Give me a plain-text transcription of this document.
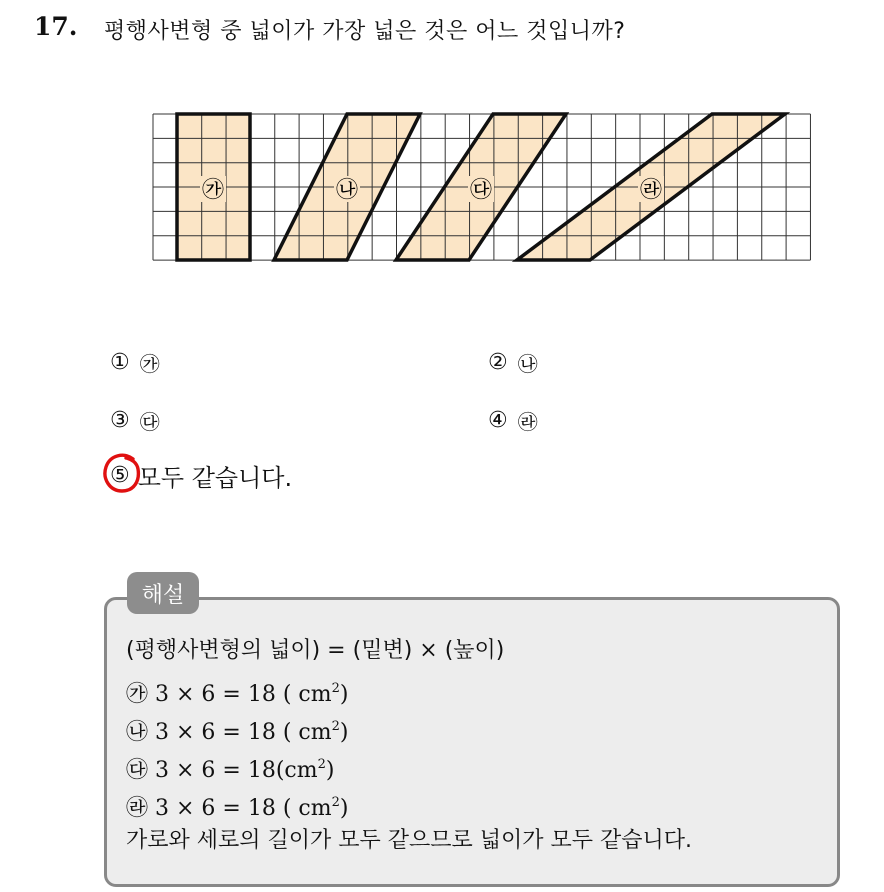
17. 평행사변형 중 넓이가 가장 넓은 것은 어느 것입니까?
㉮	㉯	㉰	㉱
① ㉮	② ㉯
③ ㉰	④ ㉱
⑤ 모두 같습니다.
해설
(평행사변형의 넓이) = (밑변) × (높이)
㉮ 3 × 6 = 18 ( $cm^2$)
㉯ 3 × 6 = 18 ( $cm^2$)
㉰ $3 \times 6 = 18(cm^2)$
㉱ 3 × 6 = 18 ( $cm^2$)
가로와 세로의 길이가 모두 같으므로 넓이가 모두 같습니다.
